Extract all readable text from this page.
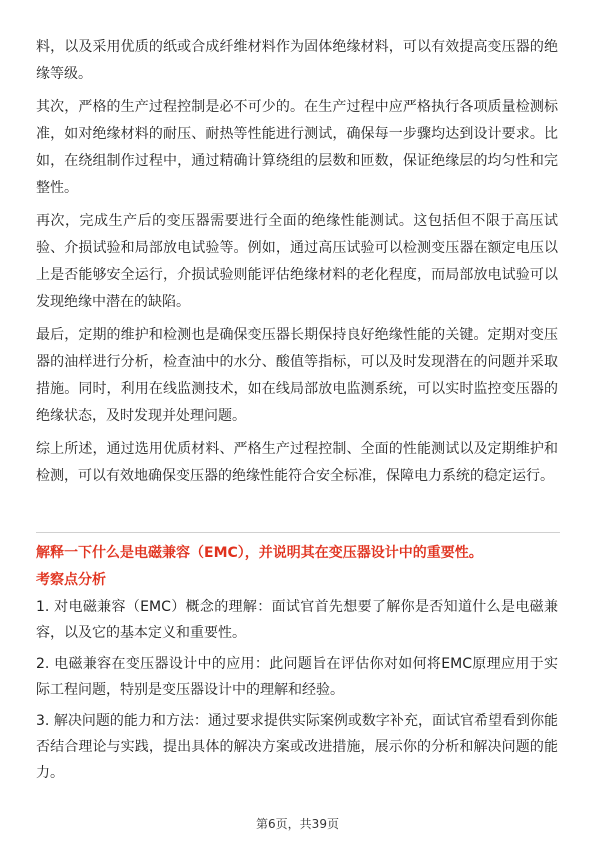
料，以及采用优质的纸或合成纤维材料作为固体绝缘材料，可以有效提高变压器的绝缘等级。

其次，严格的生产过程控制是必不可少的。在生产过程中应严格执行各项质量检测标准，如对绝缘材料的耐压、耐热等性能进行测试，确保每一步骤均达到设计要求。比如，在绕组制作过程中，通过精确计算绕组的层数和匝数，保证绝缘层的均匀性和完整性。

再次，完成生产后的变压器需要进行全面的绝缘性能测试。这包括但不限于高压试验、介损试验和局部放电试验等。例如，通过高压试验可以检测变压器在额定电压以上是否能够安全运行，介损试验则能评估绝缘材料的老化程度，而局部放电试验可以发现绝缘中潜在的缺陷。

最后，定期的维护和检测也是确保变压器长期保持良好绝缘性能的关键。定期对变压器的油样进行分析，检查油中的水分、酸值等指标，可以及时发现潜在的问题并采取措施。同时，利用在线监测技术，如在线局部放电监测系统，可以实时监控变压器的绝缘状态，及时发现并处理问题。

综上所述，通过选用优质材料、严格生产过程控制、全面的性能测试以及定期维护和检测，可以有效地确保变压器的绝缘性能符合安全标准，保障电力系统的稳定运行。

解释一下什么是电磁兼容（EMC），并说明其在变压器设计中的重要性。

考察点分析

1. 对电磁兼容（EMC）概念的理解：面试官首先想要了解你是否知道什么是电磁兼容，以及它的基本定义和重要性。

2. 电磁兼容在变压器设计中的应用：此问题旨在评估你对如何将EMC原理应用于实际工程问题，特别是变压器设计中的理解和经验。

3. 解决问题的能力和方法：通过要求提供实际案例或数字补充，面试官希望看到你能否结合理论与实践，提出具体的解决方案或改进措施，展示你的分析和解决问题的能力。

第6页，共39页
